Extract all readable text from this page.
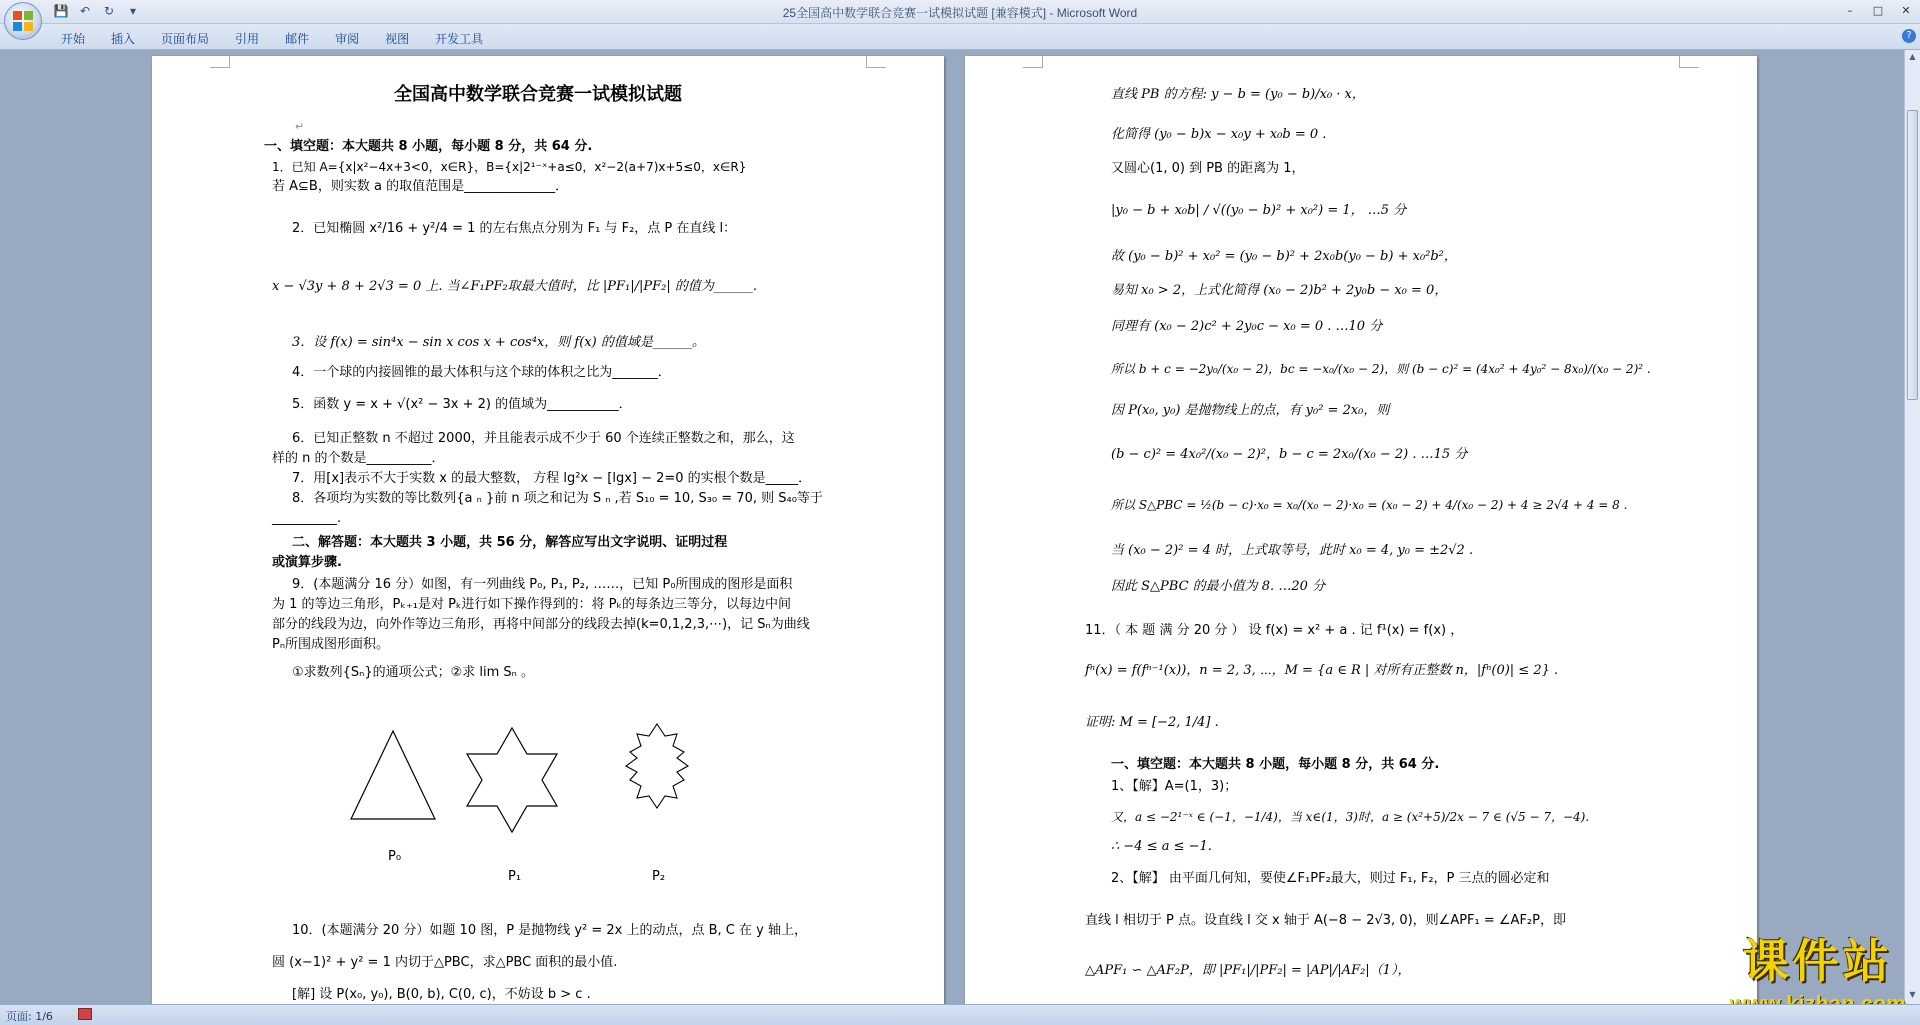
💾 ↶	↻	▾	25全国高中数学联合竞赛一试模拟试题 [兼容模式] - Microsoft Word	–	□	✕
开始	插入	页面布局	引用	邮件	审阅	视图	开发工具	?
全国高中数学联合竞赛一试模拟试题
↵
一、填空题：本大题共 8 小题，每小题 8 分，共 64 分.
1．已知 A={x|x²−4x+3<0，x∈R}，B={x|2¹⁻ˣ+a≤0，x²−2(a+7)x+5≤0，x∈R}
若 A⊆B，则实数 a 的取值范围是______________．
2．已知椭圆 x²/16 + y²/4 = 1 的左右焦点分别为 F₁ 与 F₂，点 P 在直线 l：
x − √3y + 8 + 2√3 = 0 上. 当∠F₁PF₂取最大值时，比 |PF₁|/|PF₂| 的值为______.
3．设 f(x) = sin⁴x − sin x cos x + cos⁴x，则 f(x) 的值域是______。
4．一个球的内接圆锥的最大体积与这个球的体积之比为_______．
5．函数 y = x + √(x² − 3x + 2) 的值域为___________．
6．已知正整数 n 不超过 2000，并且能表示成不少于 60 个连续正整数之和，那么，这
样的 n 的个数是__________．
7．用[x]表示不大于实数 x 的最大整数， 方程 lg²x − [lgx] − 2=0 的实根个数是_____．
8．各项均为实数的等比数列{a ₙ }前 n 项之和记为 S ₙ ,若 S₁₀ = 10, S₃₀ = 70, 则 S₄₀等于
__________.
二、解答题：本大题共 3 小题，共 56 分，解答应写出文字说明、证明过程
或演算步骤.
9．(本题满分 16 分）如图，有一列曲线 P₀, P₁, P₂, ……，已知 P₀所围成的图形是面积
为 1 的等边三角形，Pₖ₊₁是对 Pₖ进行如下操作得到的：将 Pₖ的每条边三等分，以每边中间
部分的线段为边，向外作等边三角形，再将中间部分的线段去掉(k=0,1,2,3,⋯)，记 Sₙ为曲线
Pₙ所围成图形面积。
①求数列{Sₙ}的通项公式；②求 lim Sₙ 。
P₀
P₁	P₂
10．(本题满分 20 分）如题 10 图，P 是抛物线 y² = 2x 上的动点，点 B, C 在 y 轴上，
圆 (x−1)² + y² = 1 内切于△PBC，求△PBC 面积的最小值.
[解] 设 P(x₀, y₀), B(0, b), C(0, c)，不妨设 b > c .
直线 PB 的方程: y − b = (y₀ − b)/x₀ · x，
化简得 (y₀ − b)x − x₀y + x₀b = 0 .
又圆心(1, 0) 到 PB 的距离为 1，
|y₀ − b + x₀b| / √((y₀ − b)² + x₀²) = 1， …5 分
故 (y₀ − b)² + x₀² = (y₀ − b)² + 2x₀b(y₀ − b) + x₀²b²，
易知 x₀ > 2，上式化简得 (x₀ − 2)b² + 2y₀b − x₀ = 0，
同理有 (x₀ − 2)c² + 2y₀c − x₀ = 0 . …10 分
所以 b + c = −2y₀/(x₀ − 2)，bc = −x₀/(x₀ − 2)，则 (b − c)² = (4x₀² + 4y₀² − 8x₀)/(x₀ − 2)² .
因 P(x₀, y₀) 是抛物线上的点，有 y₀² = 2x₀，则
(b − c)² = 4x₀²/(x₀ − 2)²，b − c = 2x₀/(x₀ − 2) . …15 分
所以 S△PBC = ½(b − c)·x₀ = x₀/(x₀ − 2)·x₀ = (x₀ − 2) + 4/(x₀ − 2) + 4 ≥ 2√4 + 4 = 8 .
当 (x₀ − 2)² = 4 时，上式取等号，此时 x₀ = 4, y₀ = ±2√2 .
因此 S△PBC 的最小值为 8. …20 分
11．（ 本 题 满 分 20 分 ） 设 f(x) = x² + a . 记 f¹(x) = f(x) ，
fⁿ(x) = f(fⁿ⁻¹(x))，n = 2, 3, ⋯，M = {a ∈ R | 对所有正整数 n，|fⁿ(0)| ≤ 2} .
证明: M = [−2, 1/4] .
一、填空题：本大题共 8 小题，每小题 8 分，共 64 分.
1、【解】A=(1，3)；
又，a ≤ −2¹⁻ˣ ∈ (−1，−1/4)，当 x∈(1，3)时，a ≥ (x²+5)/2x − 7 ∈ (√5 − 7，−4).
∴ −4 ≤ a ≤ −1.
2、【解】 由平面几何知，要使∠F₁PF₂最大，则过 F₁, F₂，P 三点的圆必定和
直线 l 相切于 P 点。设直线 l 交 x 轴于 A(−8 − 2√3, 0)，则∠APF₁ = ∠AF₂P，即
△APF₁ ∽ △AF₂P，即 |PF₁|/|PF₂| = |AP|/|AF₂|（1），
▲
▼
课件站
页面: 1/6
